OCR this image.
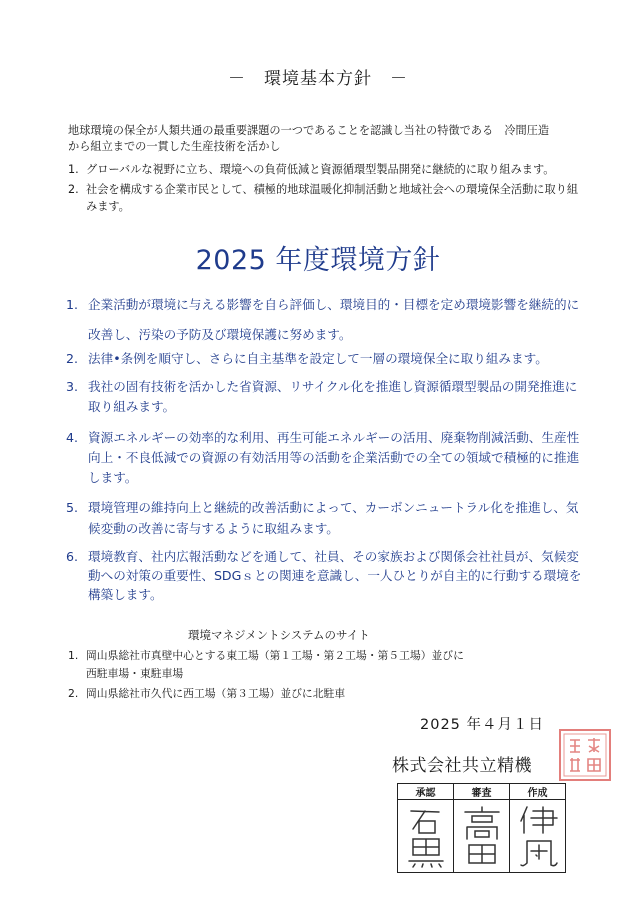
－　環境基本方針　－
地球環境の保全が人類共通の最重要課題の一つであることを認識し当社の特徴である　冷間圧造
から組立までの一貫した生産技術を活かし
1. グローバルな視野に立ち、環境への負荷低減と資源循環型製品開発に継続的に取り組みます。
2. 社会を構成する企業市民として、積極的地球温暖化抑制活動と地域社会への環境保全活動に取り組みます。
2025 年度環境方針
1. 企業活動が環境に与える影響を自ら評価し、環境目的・目標を定め環境影響を継続的に改善し、汚染の予防及び環境保護に努めます。
2. 法律•条例を順守し、さらに自主基準を設定して一層の環境保全に取り組みます。
3. 我社の固有技術を活かした省資源、リサイクル化を推進し資源循環型製品の開発推進に取り組みます。
4. 資源エネルギーの効率的な利用、再生可能エネルギーの活用、廃棄物削減活動、生産性向上・不良低減での資源の有効活用等の活動を企業活動での全ての領域で積極的に推進します。
5. 環境管理の維持向上と継続的改善活動によって、カーボンニュートラル化を推進し、気候変動の改善に寄与するように取組みます。
6. 環境教育、社内広報活動などを通して、社員、その家族および関係会社社員が、気候変動への対策の重要性、SDGｓとの関連を意識し、一人ひとりが自主的に行動する環境を構築します。
環境マネジメントシステムのサイト
1. 岡山県総社市真壁中心とする東工場（第１工場・第２工場・第５工場）並びに
西駐車場・東駐車場
2. 岡山県総社市久代に西工場（第３工場）並びに北駐車
2025 年４月１日
株式会社共立精機
承認	審査	作成
